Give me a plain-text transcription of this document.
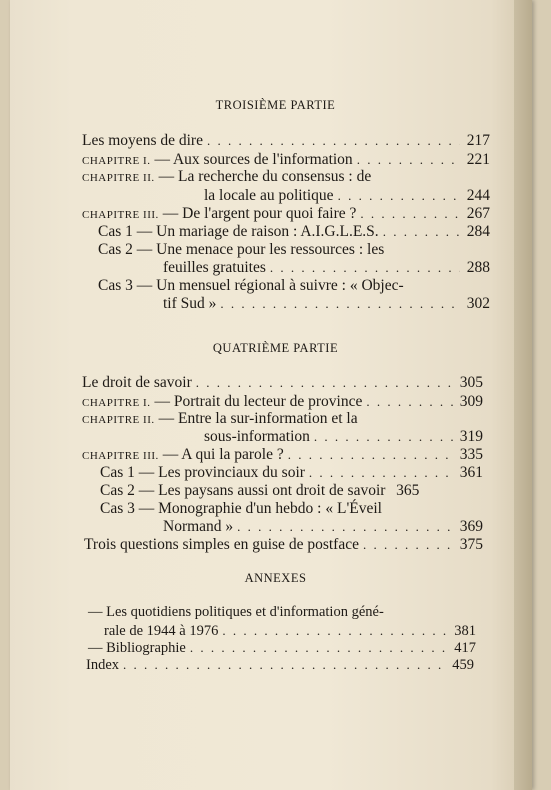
TROISIÈME PARTIE
Les moyens de dire . . .	217
CHAPITRE I. — Aux sources de l'information . . .	221
CHAPITRE II. — La recherche du consensus : de
la locale au politique . . .	244
CHAPITRE III. — De l'argent pour quoi faire ? . . .	267
Cas 1 — Un mariage de raison : A.I.G.L.E.S. . . .	284
Cas 2 — Une menace pour les ressources : les
feuilles gratuites . . .	288
Cas 3 — Un mensuel régional à suivre : « Objec-
tif Sud » . . .	302
QUATRIÈME PARTIE
Le droit de savoir . . .	305
CHAPITRE I. — Portrait du lecteur de province . . .	309
CHAPITRE II. — Entre la sur-information et la
sous-information . . .	319
CHAPITRE III. — A qui la parole ? . . .	335
Cas 1 — Les provinciaux du soir . . .	361
Cas 2 — Les paysans aussi ont droit de savoir 365
Cas 3 — Monographie d'un hebdo : « L'Éveil
Normand » . . .	369
Trois questions simples en guise de postface . . .	375
ANNEXES
— Les quotidiens politiques et d'information géné-
rale de 1944 à 1976 . . .	381
— Bibliographie . . .	417
Index . . .	459
